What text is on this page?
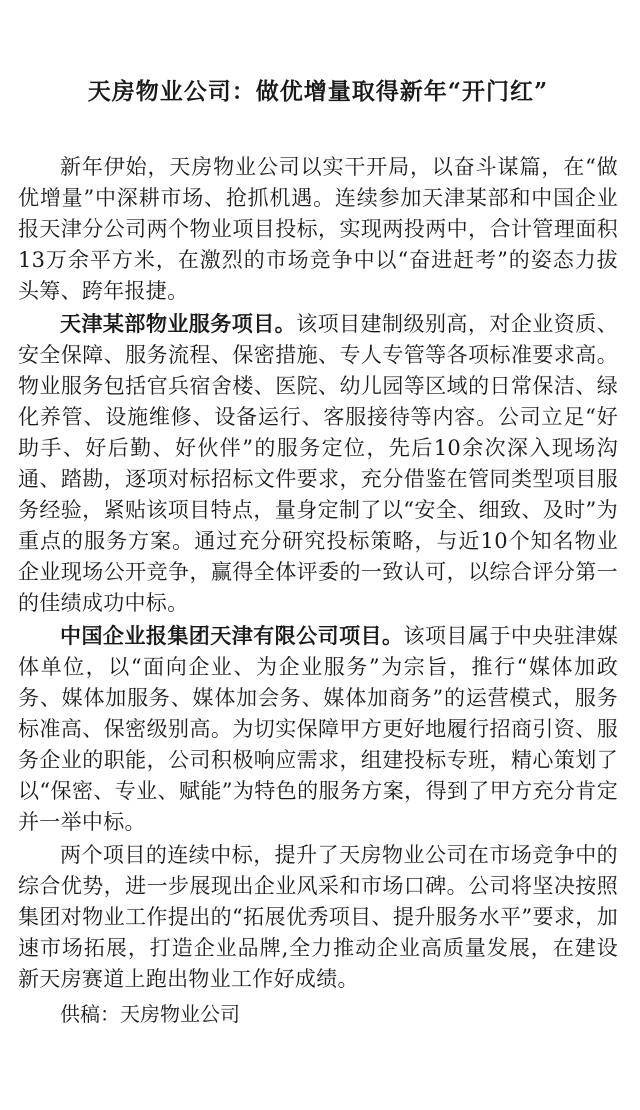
天房物业公司：做优增量取得新年“开门红”

新年伊始，天房物业公司以实干开局，以奋斗谋篇，在“做优增量”中深耕市场、抢抓机遇。连续参加天津某部和中国企业报天津分公司两个物业项目投标，实现两投两中，合计管理面积13万余平方米，在激烈的市场竞争中以“奋进赶考”的姿态力拔头筹、跨年报捷。

天津某部物业服务项目。该项目建制级别高，对企业资质、安全保障、服务流程、保密措施、专人专管等各项标准要求高。物业服务包括官兵宿舍楼、医院、幼儿园等区域的日常保洁、绿化养管、设施维修、设备运行、客服接待等内容。公司立足“好助手、好后勤、好伙伴”的服务定位，先后10余次深入现场沟通、踏勘，逐项对标招标文件要求，充分借鉴在管同类型项目服务经验，紧贴该项目特点，量身定制了以“安全、细致、及时”为重点的服务方案。通过充分研究投标策略，与近10个知名物业企业现场公开竞争，赢得全体评委的一致认可，以综合评分第一的佳绩成功中标。

中国企业报集团天津有限公司项目。该项目属于中央驻津媒体单位，以“面向企业、为企业服务”为宗旨，推行“媒体加政务、媒体加服务、媒体加会务、媒体加商务”的运营模式，服务标准高、保密级别高。为切实保障甲方更好地履行招商引资、服务企业的职能，公司积极响应需求，组建投标专班，精心策划了以“保密、专业、赋能”为特色的服务方案，得到了甲方充分肯定并一举中标。

两个项目的连续中标，提升了天房物业公司在市场竞争中的综合优势，进一步展现出企业风采和市场口碑。公司将坚决按照集团对物业工作提出的“拓展优秀项目、提升服务水平”要求，加速市场拓展，打造企业品牌,全力推动企业高质量发展，在建设新天房赛道上跑出物业工作好成绩。

供稿：天房物业公司
